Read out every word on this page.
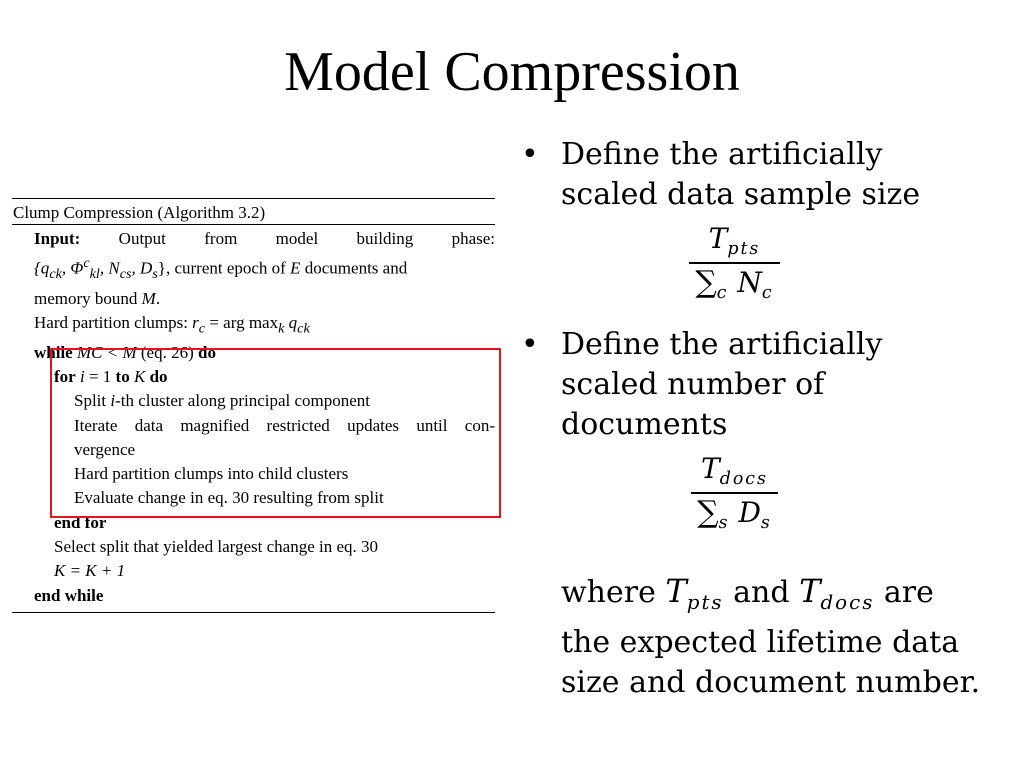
Model Compression
Clump Compression (Algorithm 3.2)
Input: Output from model building phase:
{$q_{ck}$, $\Phi^c_{kl}$, $N_{cs}$, $D_s$}, current epoch of E documents and
memory bound M.
Hard partition clumps: $r_c$ = arg $\max_k q_{ck}$
while MC < M (eq. 26) do
for i = 1 to K do
Split i-th cluster along principal component
Iterate data magnified restricted updates until con-
vergence
Hard partition clumps into child clusters
Evaluate change in eq. 30 resulting from split
end for
Select split that yielded largest change in eq. 30
K = K + 1
end while
• Define the artificially scaled data sample size
$\frac{T_{pts}}{\sum_c N_c}$
• Define the artificially scaled number of documents
$\frac{T_{docs}}{\sum_s D_s}$
where $T_{pts}$ and $T_{docs}$ are the expected lifetime data size and document number.
